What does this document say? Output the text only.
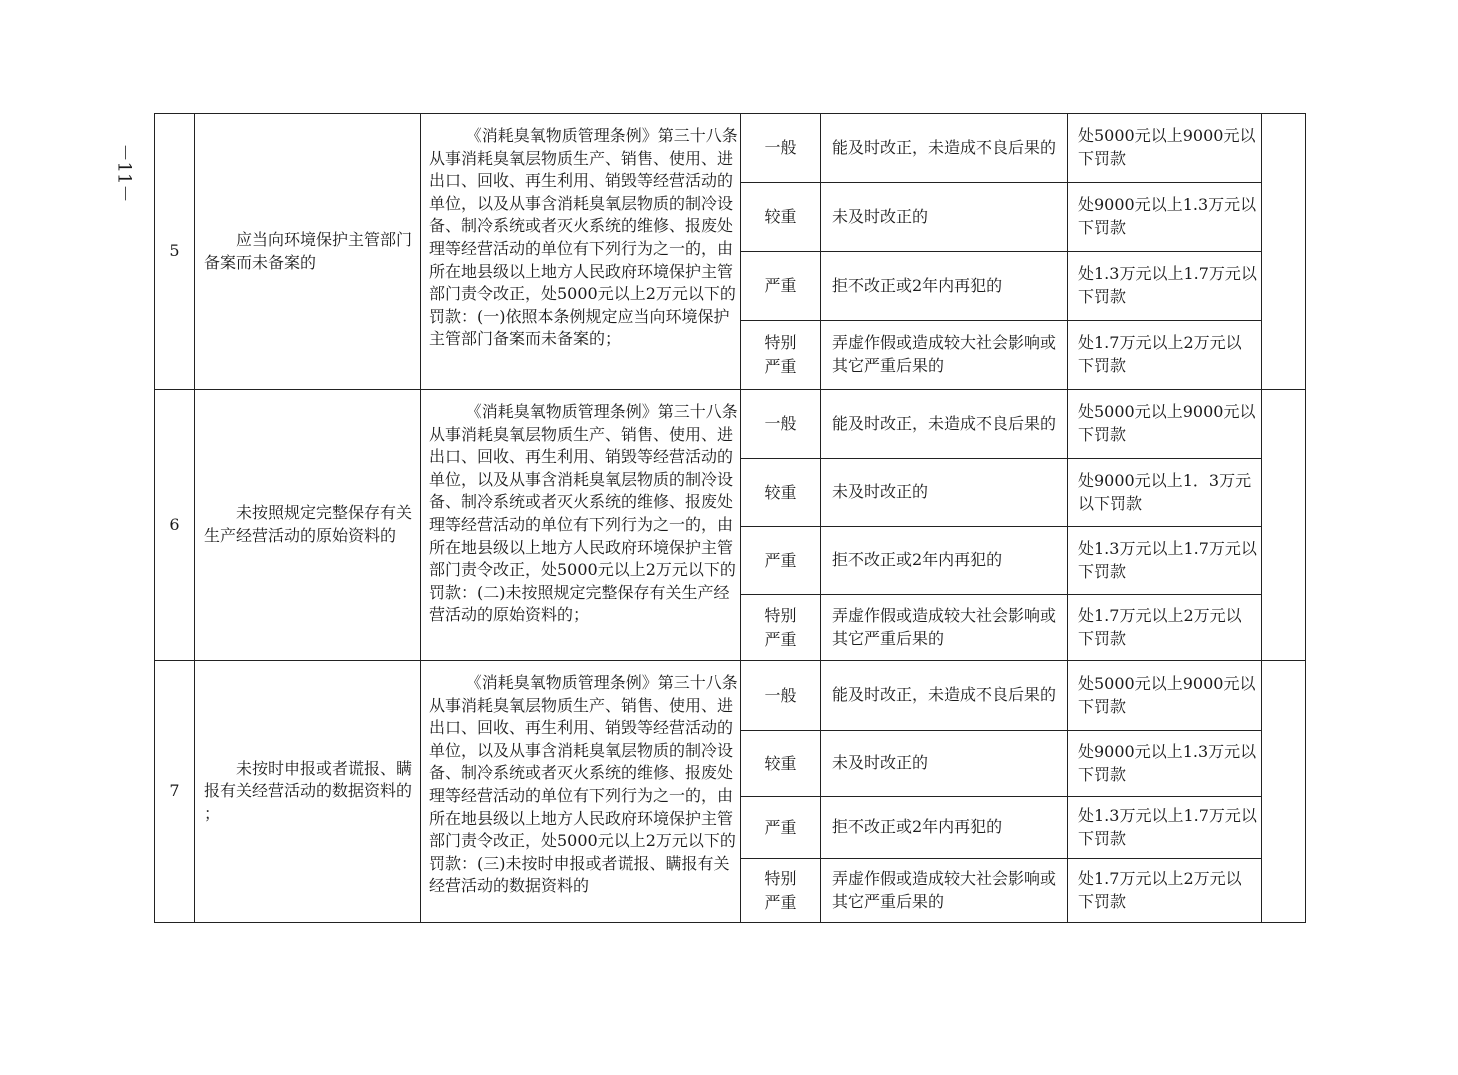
－11－
5	应当向环境保护主管部门备案而未备案的	《消耗臭氧物质管理条例》第三十八条　从事消耗臭氧层物质生产、销售、使用、进出口、回收、再生利用、销毁等经营活动的单位，以及从事含消耗臭氧层物质的制冷设备、制冷系统或者灭火系统的维修、报废处理等经营活动的单位有下列行为之一的，由所在地县级以上地方人民政府环境保护主管部门责令改正，处5000元以上2万元以下的罚款：(一)依照本条例规定应当向环境保护主管部门备案而未备案的；	一般	能及时改正，未造成不良后果的	处5000元以上9000元以下罚款	
			较重	未及时改正的	处9000元以上1.3万元以下罚款	
			严重	拒不改正或2年内再犯的	处1.3万元以上1.7万元以下罚款	
			特别严重	弄虚作假或造成较大社会影响或其它严重后果的	处1.7万元以上2万元以下罚款	
6	未按照规定完整保存有关生产经营活动的原始资料的	《消耗臭氧物质管理条例》第三十八条　从事消耗臭氧层物质生产、销售、使用、进出口、回收、再生利用、销毁等经营活动的单位，以及从事含消耗臭氧层物质的制冷设备、制冷系统或者灭火系统的维修、报废处理等经营活动的单位有下列行为之一的，由所在地县级以上地方人民政府环境保护主管部门责令改正，处5000元以上2万元以下的罚款：(二)未按照规定完整保存有关生产经营活动的原始资料的；	一般	能及时改正，未造成不良后果的	处5000元以上9000元以下罚款	
			较重	未及时改正的	处9000元以上1．3万元以下罚款	
			严重	拒不改正或2年内再犯的	处1.3万元以上1.7万元以下罚款	
			特别严重	弄虚作假或造成较大社会影响或其它严重后果的	处1.7万元以上2万元以下罚款	
7	未按时申报或者谎报、瞒报有关经营活动的数据资料的 ；	《消耗臭氧物质管理条例》第三十八条　从事消耗臭氧层物质生产、销售、使用、进出口、回收、再生利用、销毁等经营活动的单位，以及从事含消耗臭氧层物质的制冷设备、制冷系统或者灭火系统的维修、报废处理等经营活动的单位有下列行为之一的，由所在地县级以上地方人民政府环境保护主管部门责令改正，处5000元以上2万元以下的罚款：(三)未按时申报或者谎报、瞒报有关经营活动的数据资料的	一般	能及时改正，未造成不良后果的	处5000元以上9000元以下罚款	
			较重	未及时改正的	处9000元以上1.3万元以下罚款	
			严重	拒不改正或2年内再犯的	处1.3万元以上1.7万元以下罚款	
			特别严重	弄虚作假或造成较大社会影响或其它严重后果的	处1.7万元以上2万元以下罚款	
